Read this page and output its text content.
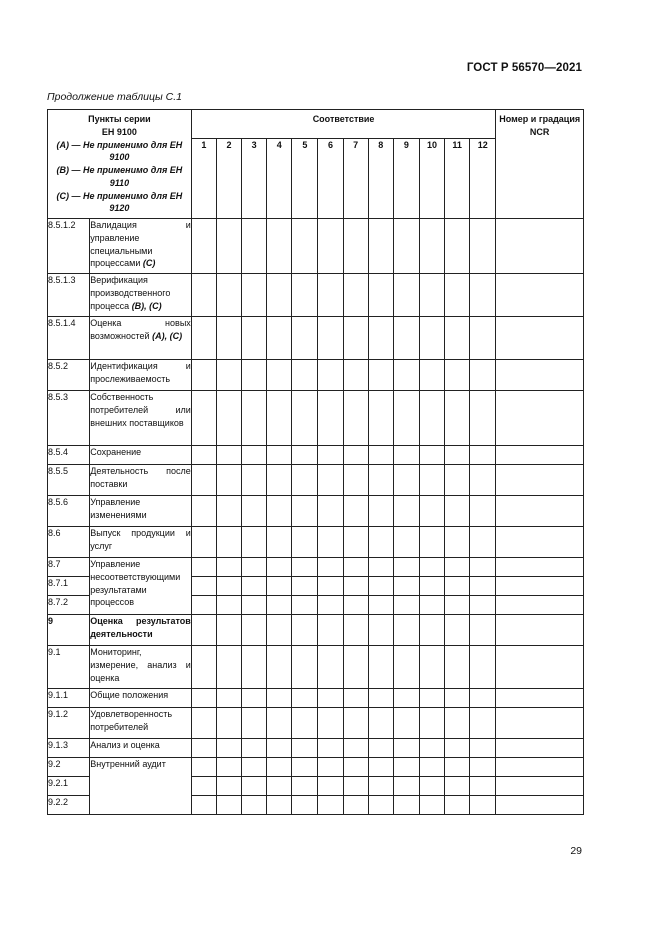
ГОСТ Р 56570—2021
Продолжение таблицы С.1
Пункты серии
ЕН 9100
(A) — Не применимо для ЕН 9100
(B) — Не применимо для ЕН 9110
(C) — Не применимо для ЕН 9120		Соответствие												Номер и градация NCR
		1	2	3	4	5	6	7	8	9	10	11	12	
8.5.1.2	Валидация и управление специальными процессами (С)													
8.5.1.3	Верификация производственного процесса (В), (С)													
8.5.1.4	Оценка новых возможностей (А), (С)													
8.5.2	Идентификация и прослеживаемость													
8.5.3	Собственность потребителей или внешних поставщиков													
8.5.4	Сохранение													
8.5.5	Деятельность после поставки													
8.5.6	Управление изменениями													
8.6	Выпуск продукции и услуг													
8.7	Управление несоответствующими результатами процессов													
8.7.1														
8.7.2														
9	Оценка результатов деятельности													
9.1	Мониторинг, измерение, анализ и оценка													
9.1.1	Общие положения													
9.1.2	Удовлетворенность потребителей													
9.1.3	Анализ и оценка													
9.2	Внутренний аудит													
9.2.1														
9.2.2														
29
